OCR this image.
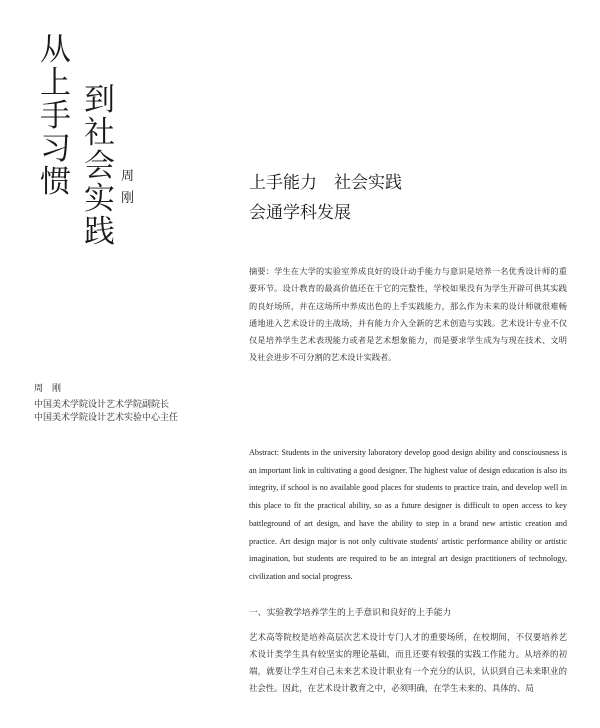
从
上
手
习
惯
到
社
会
实
践
周
刚
周　刚
中国美术学院设计艺术学院副院长
中国美术学院设计艺术实验中心主任
上手能力　社会实践
会通学科发展
摘要：学生在大学的实验室养成良好的设计动手能力与意识是培养一名优秀设计师的重要环节。设计教育的最高价值还在于它的完整性，学校如果没有为学生开辟可供其实践的良好场所，并在这场所中养成出色的上手实践能力，那么作为未来的设计师就很难畅通地进入艺术设计的主战场，并有能力介入全新的艺术创造与实践。艺术设计专业不仅仅是培养学生艺术表现能力或者是艺术想象能力，而是要求学生成为与现在技术、文明及社会进步不可分割的艺术设计实践者。
Abstract: Students in the university laboratory develop good design ability and consciousness is an important link in cultivating a good designer. The highest value of design education is also its integrity, if school is no available good places for students to practice train, and develop well in this place to fit the practical ability, so as a future designer is difficult to open access to key battleground of art design, and have the ability to step in a brand new artistic creation and practice. Art design major is not only cultivate students' artistic performance ability or artistic imagination, but students are required to be an integral art design practitioners of technology, civilization and social progress.
一、实验教学培养学生的上手意识和良好的上手能力
艺术高等院校是培养高层次艺术设计专门人才的重要场所，在校期间，不仅要培养艺术设计类学生具有较坚实的理论基础，而且还要有较强的实践工作能力。从培养的初端，就要让学生对自己未来艺术设计职业有一个充分的认识，认识到自己未来职业的社会性。因此，在艺术设计教育之中，必须明确，在学生未来的、具体的、局
